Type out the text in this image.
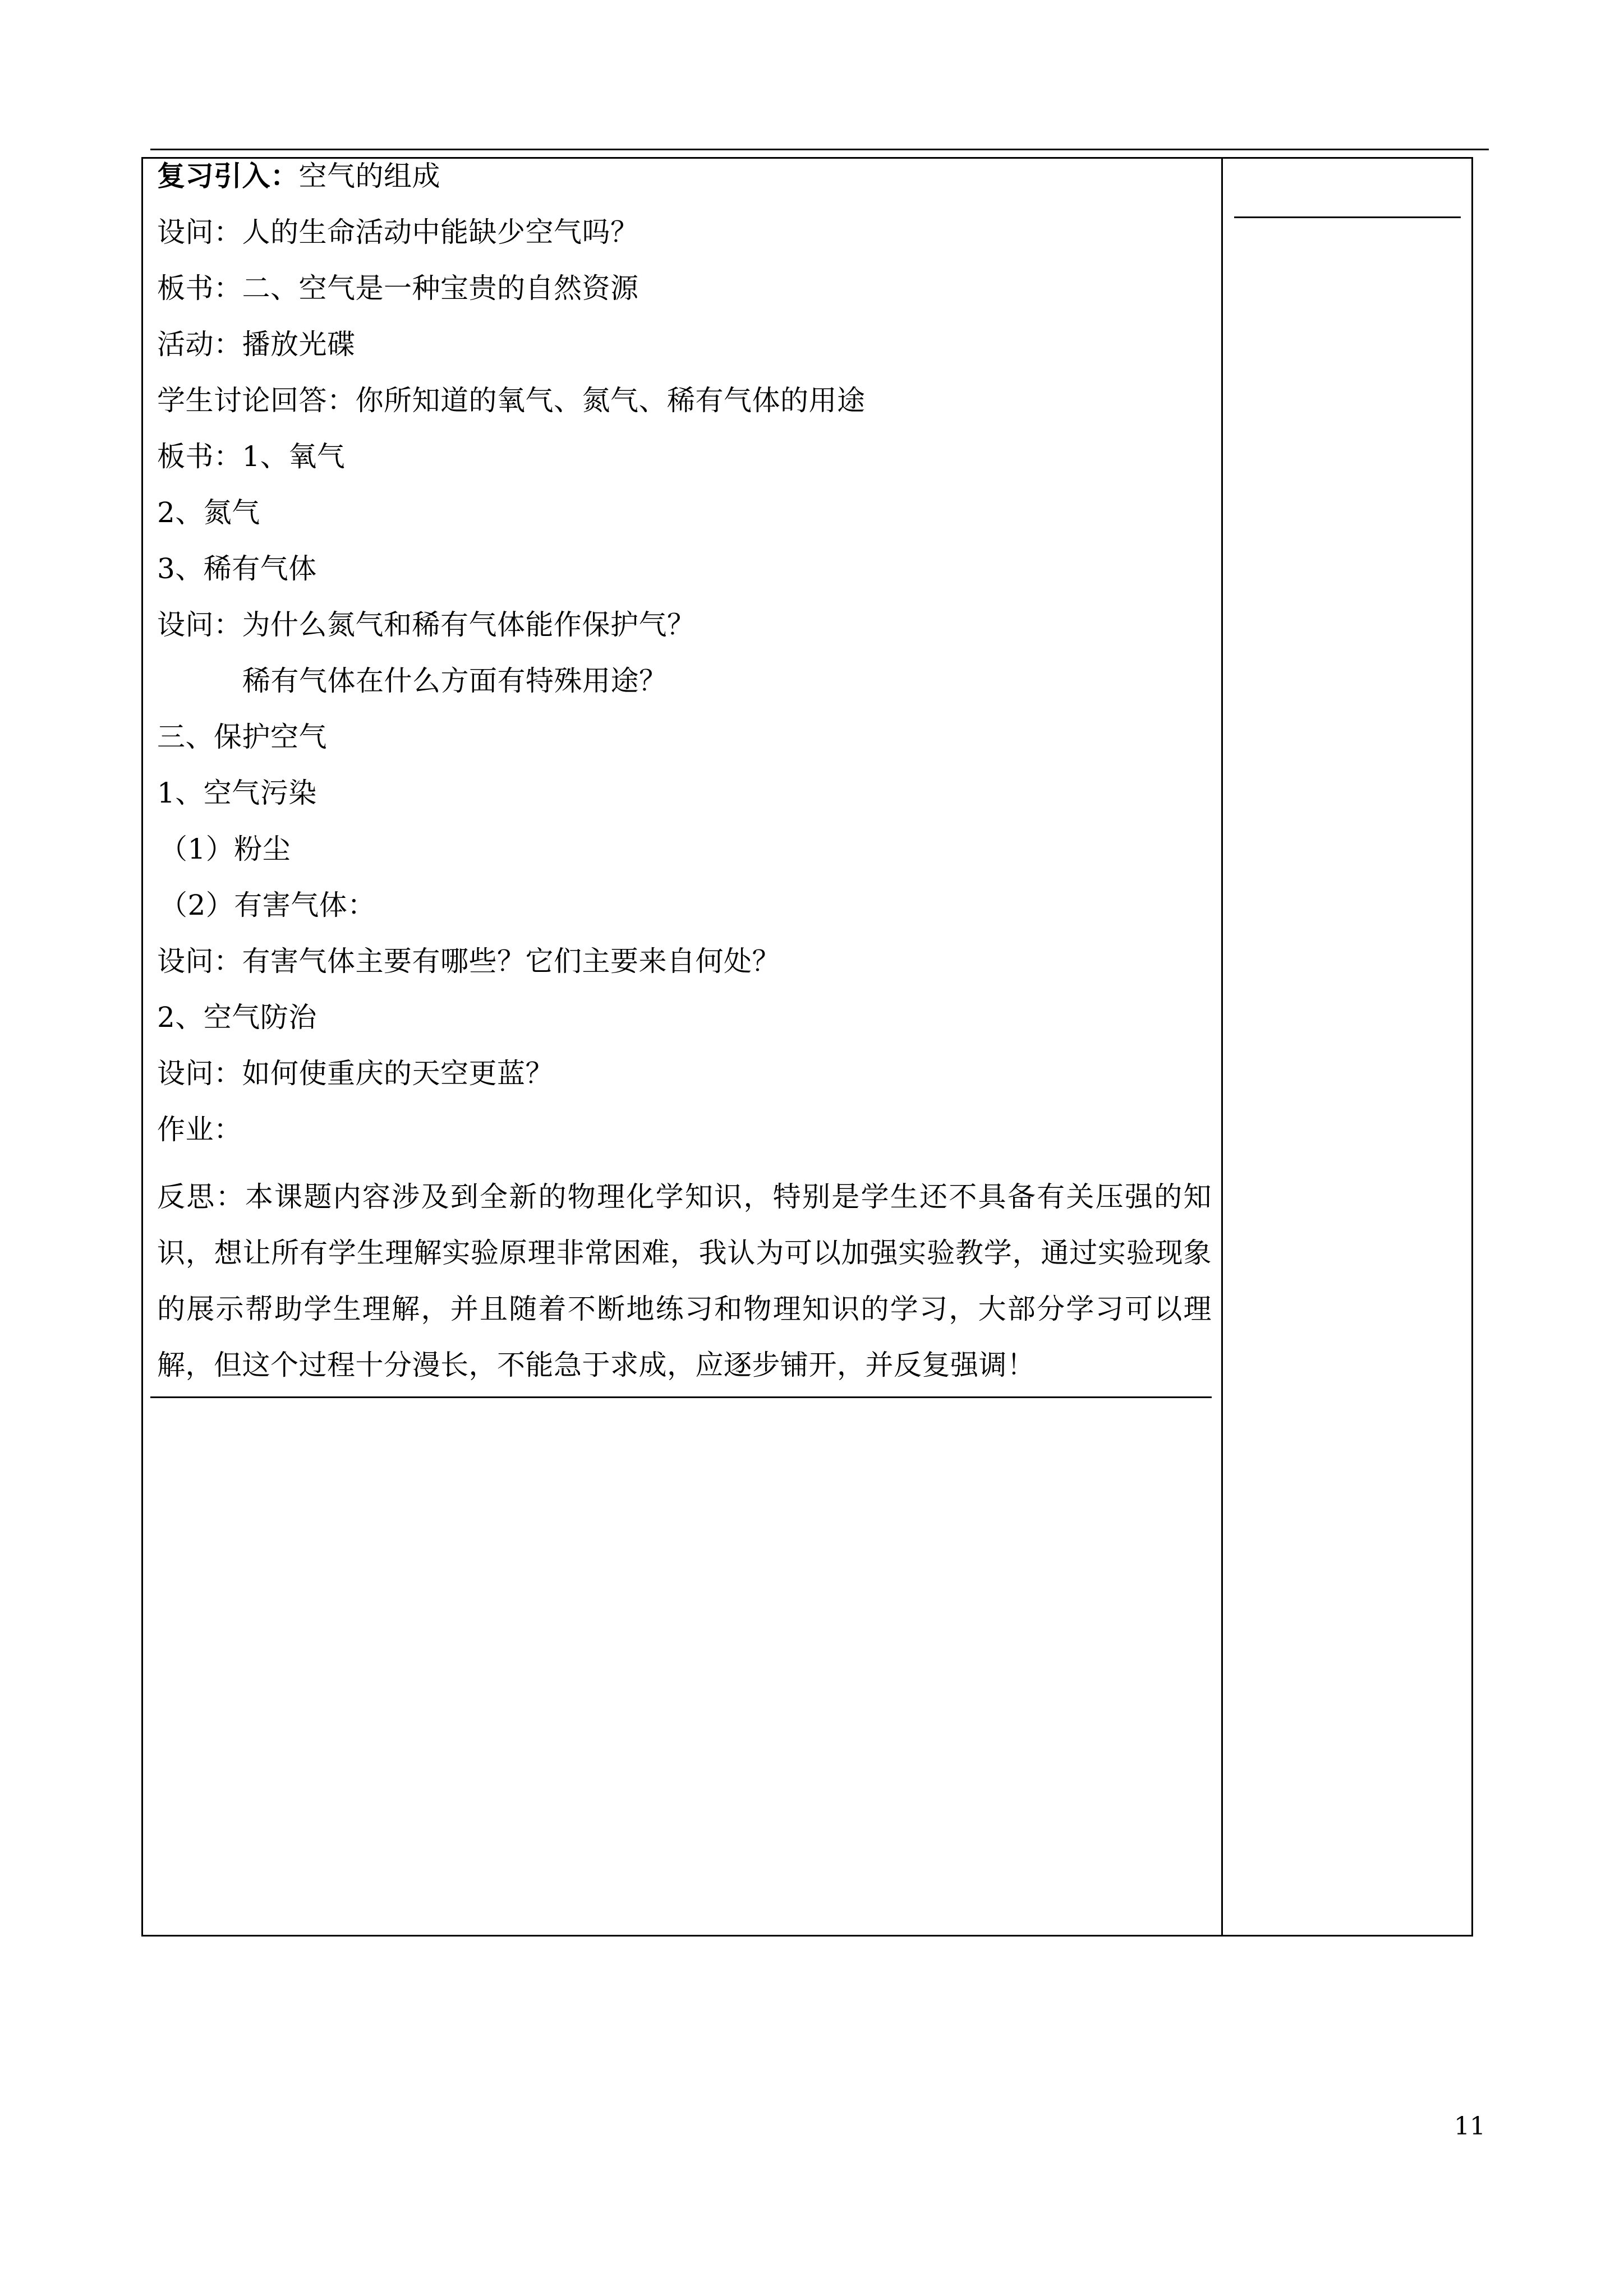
复习引入：空气的组成
设问：人的生命活动中能缺少空气吗？
板书：二、空气是一种宝贵的自然资源
活动：播放光碟
学生讨论回答：你所知道的氧气、氮气、稀有气体的用途
板书：1、氧气
2、氮气
3、稀有气体
设问：为什么氮气和稀有气体能作保护气？
稀有气体在什么方面有特殊用途？
三、保护空气
1、空气污染
（1）粉尘
（2）有害气体：
设问：有害气体主要有哪些？它们主要来自何处？
2、空气防治
设问：如何使重庆的天空更蓝？
作业：
反思：本课题内容涉及到全新的物理化学知识，特别是学生还不具备有关压强的知识，想让所有学生理解实验原理非常困难，我认为可以加强实验教学，通过实验现象的展示帮助学生理解，并且随着不断地练习和物理知识的学习，大部分学习可以理解，但这个过程十分漫长，不能急于求成，应逐步铺开，并反复强调！
11
